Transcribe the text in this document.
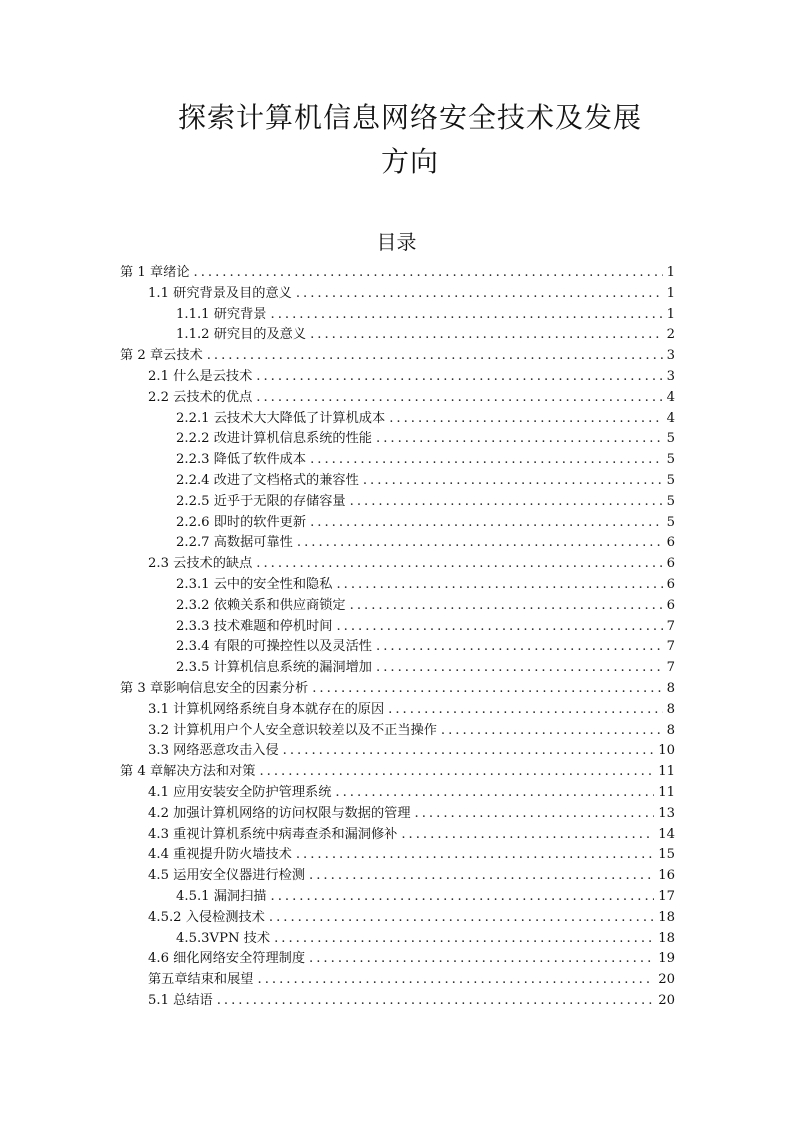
探索计算机信息网络安全技术及发展
方向
目录
第 1 章绪论 .....	1
1.1 研究背景及目的意义 .....	1
1.1.1 研究背景 .....	1
1.1.2 研究目的及意义 .....	2
第 2 章云技术 .....	3
2.1 什么是云技术 .....	3
2.2 云技术的优点 .....	4
2.2.1 云技术大大降低了计算机成本 .....	4
2.2.2 改进计算机信息系统的性能 .....	5
2.2.3 降低了软件成本 .....	5
2.2.4 改进了文档格式的兼容性 .....	5
2.2.5 近乎于无限的存储容量 .....	5
2.2.6 即时的软件更新 .....	5
2.2.7 高数据可靠性 .....	6
2.3 云技术的缺点 .....	6
2.3.1 云中的安全性和隐私 .....	6
2.3.2 依赖关系和供应商锁定 .....	6
2.3.3 技术难题和停机时间 .....	7
2.3.4 有限的可操控性以及灵活性 .....	7
2.3.5 计算机信息系统的漏洞增加 .....	7
第 3 章影响信息安全的因素分析 .....	8
3.1 计算机网络系统自身本就存在的原因 .....	8
3.2 计算机用户个人安全意识较差以及不正当操作 .....	8
3.3 网络恶意攻击入侵 .....	10
第 4 章解决方法和对策 .....	11
4.1 应用安装安全防护管理系统 .....	11
4.2 加强计算机网络的访问权限与数据的管理 .....	13
4.3 重视计算机系统中病毒查杀和漏洞修补 .....	14
4.4 重视提升防火墙技术 .....	15
4.5 运用安全仪器进行检测 .....	16
4.5.1 漏洞扫描 .....	17
4.5.2 入侵检测技术 .....	18
4.5.3VPN 技术 .....	18
4.6 细化网络安全符理制度 .....	19
第五章结束和展望 .....	20
5.1 总结语 .....	20
